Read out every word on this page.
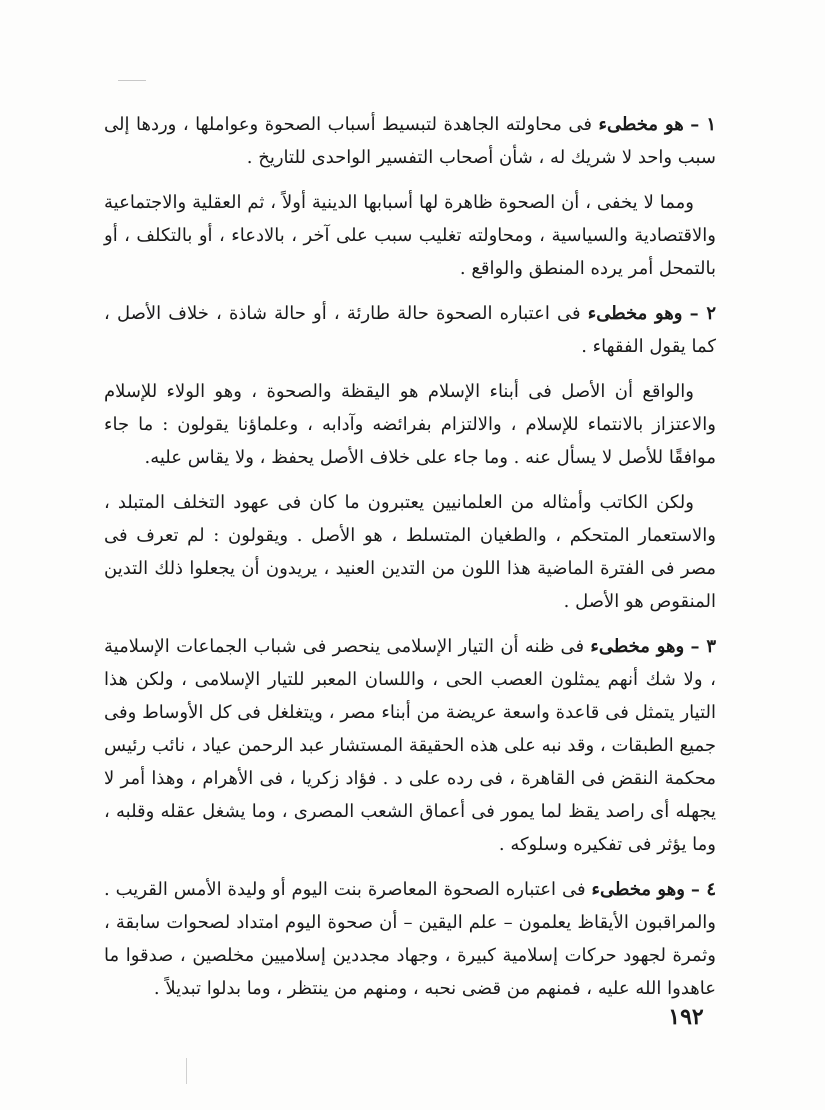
١ – هو مخطىء فى محاولته الجاهدة لتبسيط أسباب الصحوة وعواملها ، وردها إلى سبب واحد لا شريك له ، شأن أصحاب التفسير الواحدى للتاريخ .

ومما لا يخفى ، أن الصحوة ظاهرة لها أسبابها الدينية أولاً ، ثم العقلية والاجتماعية والاقتصادية والسياسية ، ومحاولته تغليب سبب على آخر ، بالادعاء ، أو بالتكلف ، أو بالتمحل أمر يرده المنطق والواقع .

٢ – وهو مخطىء فى اعتباره الصحوة حالة طارئة ، أو حالة شاذة ، خلاف الأصل ، كما يقول الفقهاء .

والواقع أن الأصل فى أبناء الإسلام هو اليقظة والصحوة ، وهو الولاء للإسلام والاعتزاز بالانتماء للإسلام ، والالتزام بفرائضه وآدابه ، وعلماؤنا يقولون : ما جاء موافقًا للأصل لا يسأل عنه . وما جاء على خلاف الأصل يحفظ ، ولا يقاس عليه.

ولكن الكاتب وأمثاله من العلمانيين يعتبرون ما كان فى عهود التخلف المتبلد ، والاستعمار المتحكم ، والطغيان المتسلط ، هو الأصل . ويقولون : لم تعرف فى مصر فى الفترة الماضية هذا اللون من التدين العنيد ، يريدون أن يجعلوا ذلك التدين المنقوص هو الأصل .

٣ – وهو مخطىء فى ظنه أن التيار الإسلامى ينحصر فى شباب الجماعات الإسلامية ، ولا شك أنهم يمثلون العصب الحى ، واللسان المعبر للتيار الإسلامى ، ولكن هذا التيار يتمثل فى قاعدة واسعة عريضة من أبناء مصر ، ويتغلغل فى كل الأوساط وفى جميع الطبقات ، وقد نبه على هذه الحقيقة المستشار عبد الرحمن عياد ، نائب رئيس محكمة النقض فى القاهرة ، فى رده على د . فؤاد زكريا ، فى الأهرام ، وهذا أمر لا يجهله أى راصد يقظ لما يمور فى أعماق الشعب المصرى ، وما يشغل عقله وقلبه ، وما يؤثر فى تفكيره وسلوكه .

٤ – وهو مخطىء فى اعتباره الصحوة المعاصرة بنت اليوم أو وليدة الأمس القريب . والمراقبون الأيقاظ يعلمون – علم اليقين – أن صحوة اليوم امتداد لصحوات سابقة ، وثمرة لجهود حركات إسلامية كبيرة ، وجهاد مجددين إسلاميين مخلصين ، صدقوا ما عاهدوا الله عليه ، فمنهم من قضى نحبه ، ومنهم من ينتظر ، وما بدلوا تبديلاً .

١٩٢
